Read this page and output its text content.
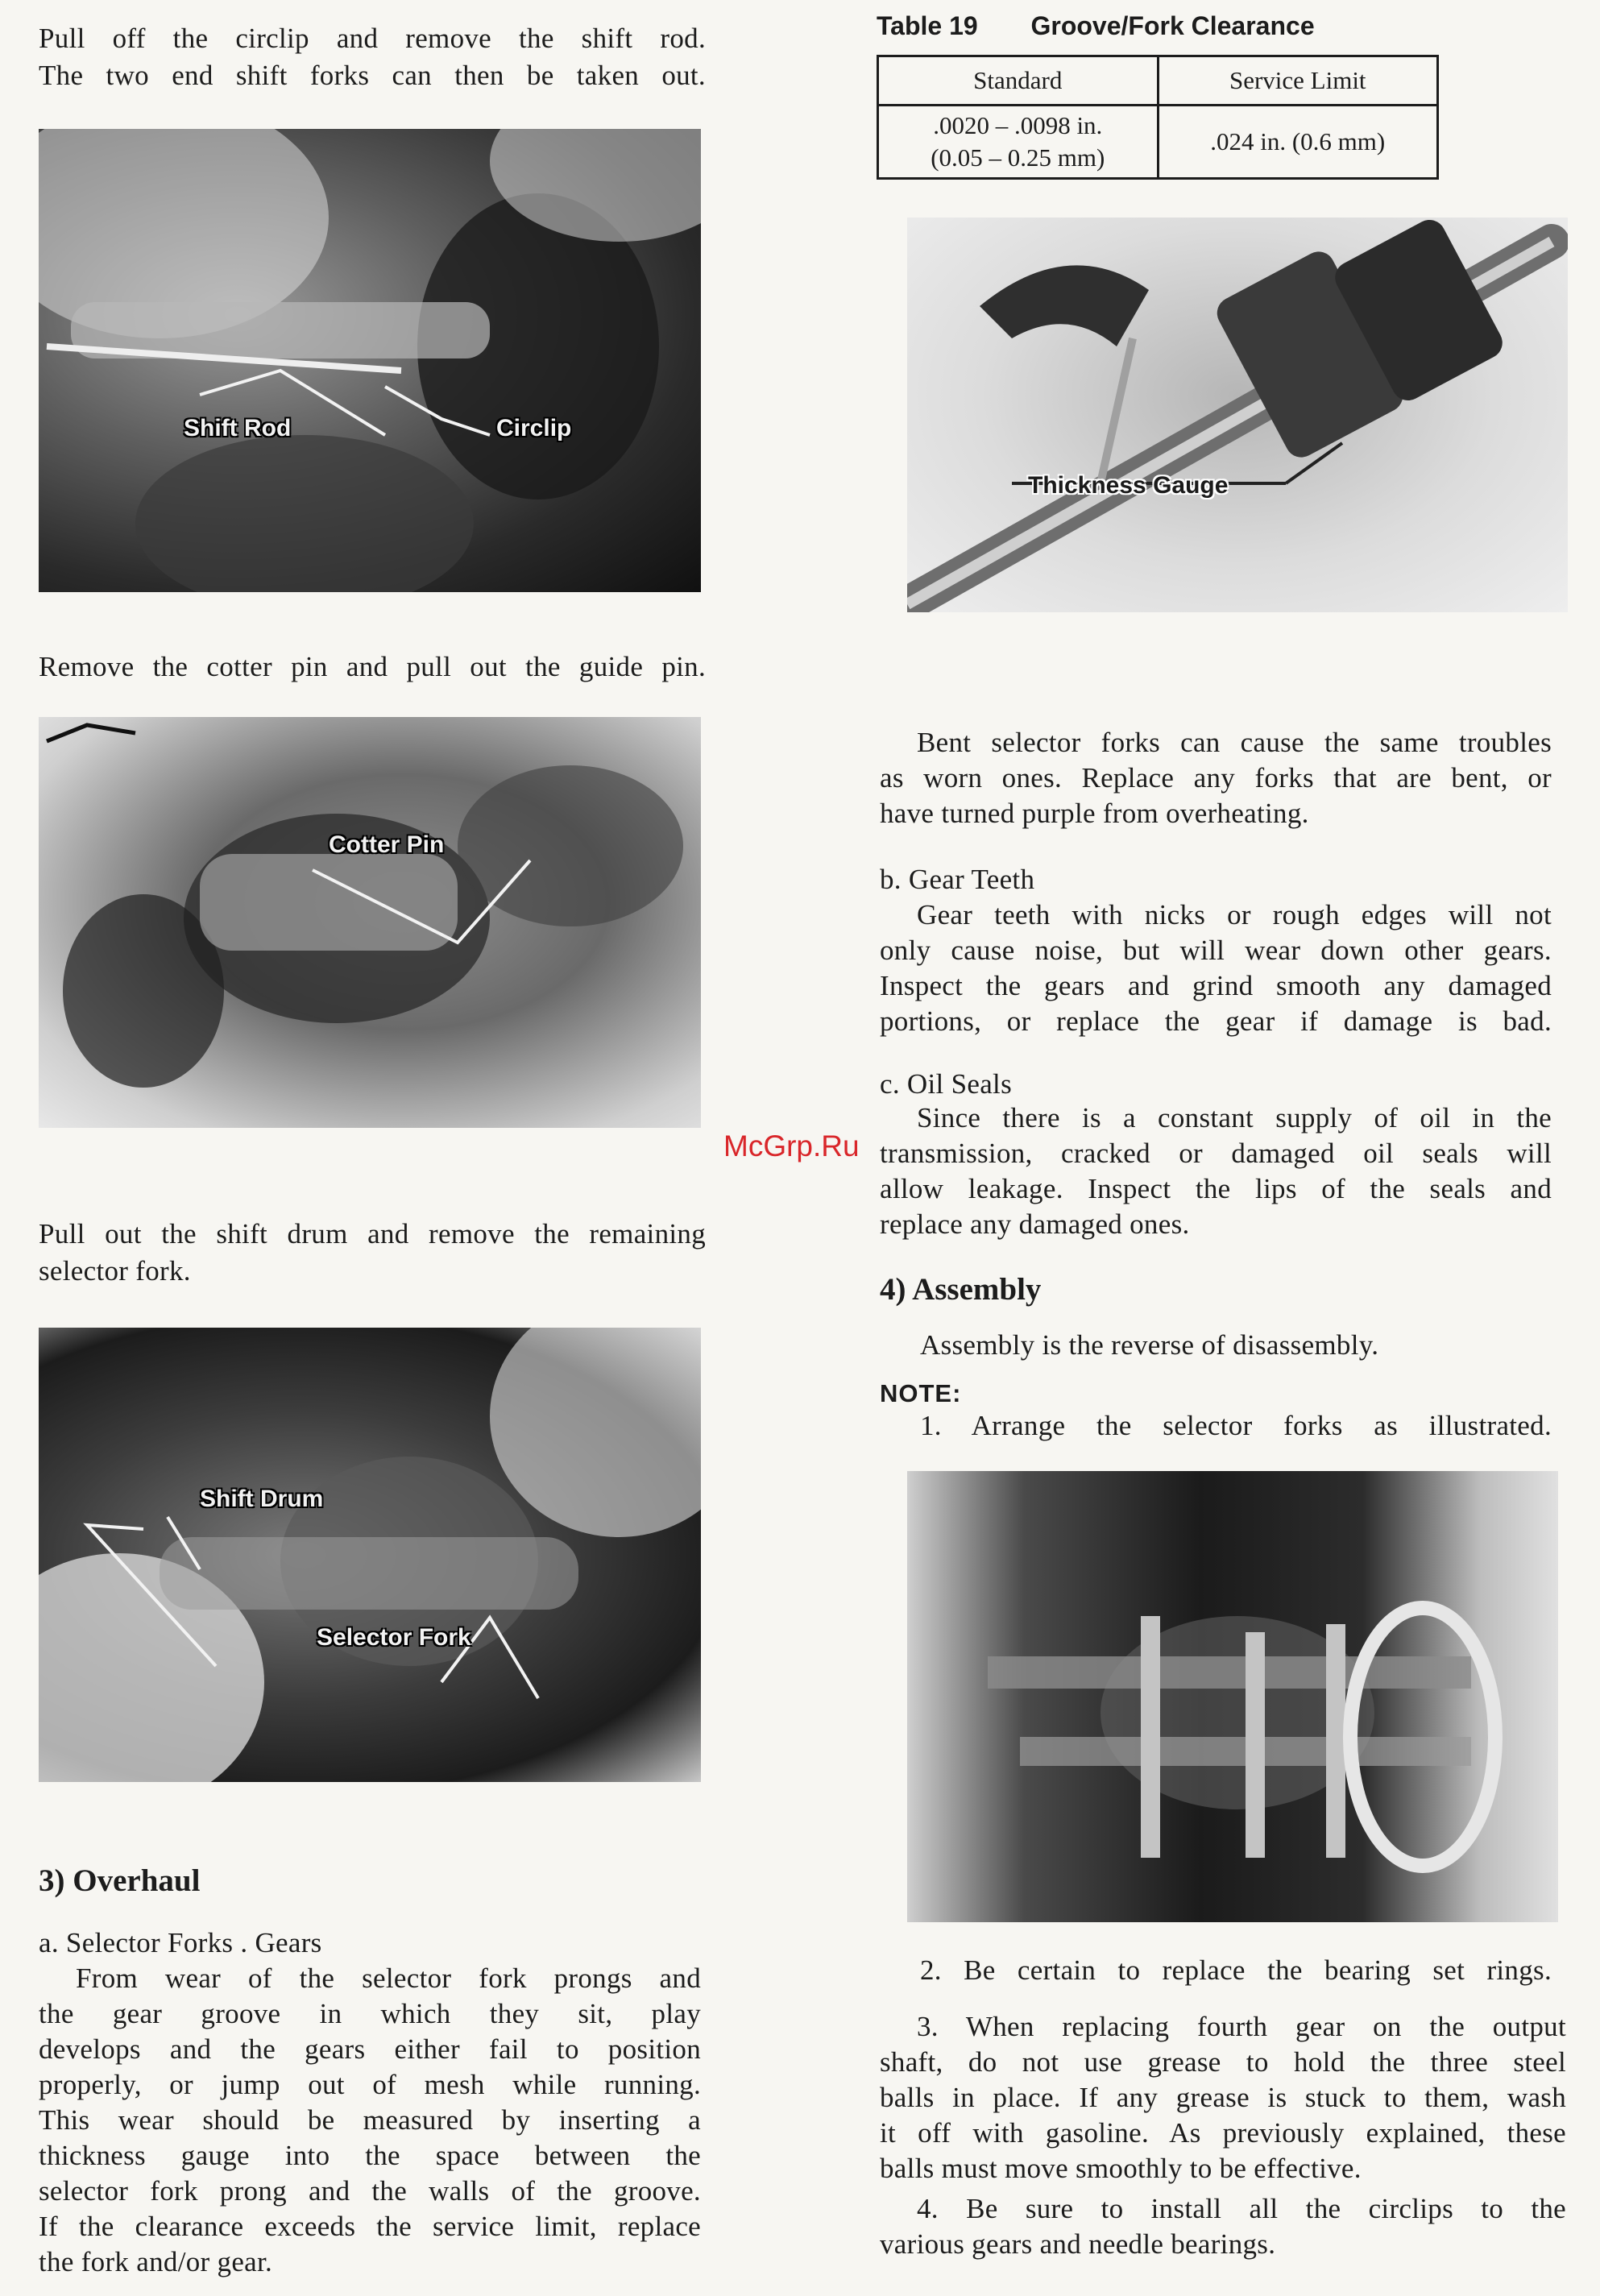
Pull off the circlip and remove the shift rod.
The two end shift forks can then be taken out.
Shift Rod	Circlip
Remove the cotter pin and pull out the guide pin.
Cotter Pin
Pull out the shift drum and remove the remaining
selector fork.
Shift Drum
Selector Fork
3) Overhaul
a. Selector Forks . Gears
From wear of the selector fork prongs and
the gear groove in which they sit, play
develops and the gears either fail to position
properly, or jump out of mesh while running.
This wear should be measured by inserting a
thickness gauge into the space between the
selector fork prong and the walls of the groove.
If the clearance exceeds the service limit, replace
the fork and/or gear.
Table 19 Groove/Fork Clearance
Standard	Service Limit

.0020 – .0098 in.
(0.05 – 0.25 mm)	.024 in. (0.6 mm)
Thickness Gauge
Bent selector forks can cause the same troubles
as worn ones. Replace any forks that are bent, or
have turned purple from overheating.
b. Gear Teeth
Gear teeth with nicks or rough edges will not
only cause noise, but will wear down other gears.
Inspect the gears and grind smooth any damaged
portions, or replace the gear if damage is bad.
c. Oil Seals
Since there is a constant supply of oil in the
transmission, cracked or damaged oil seals will
allow leakage. Inspect the lips of the seals and
replace any damaged ones.
McGrp.Ru
4) Assembly
Assembly is the reverse of disassembly.
NOTE:
1. Arrange the selector forks as illustrated.
2. Be certain to replace the bearing set rings.
3. When replacing fourth gear on the output
shaft, do not use grease to hold the three steel
balls in place. If any grease is stuck to them, wash
it off with gasoline. As previously explained, these
balls must move smoothly to be effective.
4. Be sure to install all the circlips to the
various gears and needle bearings.
